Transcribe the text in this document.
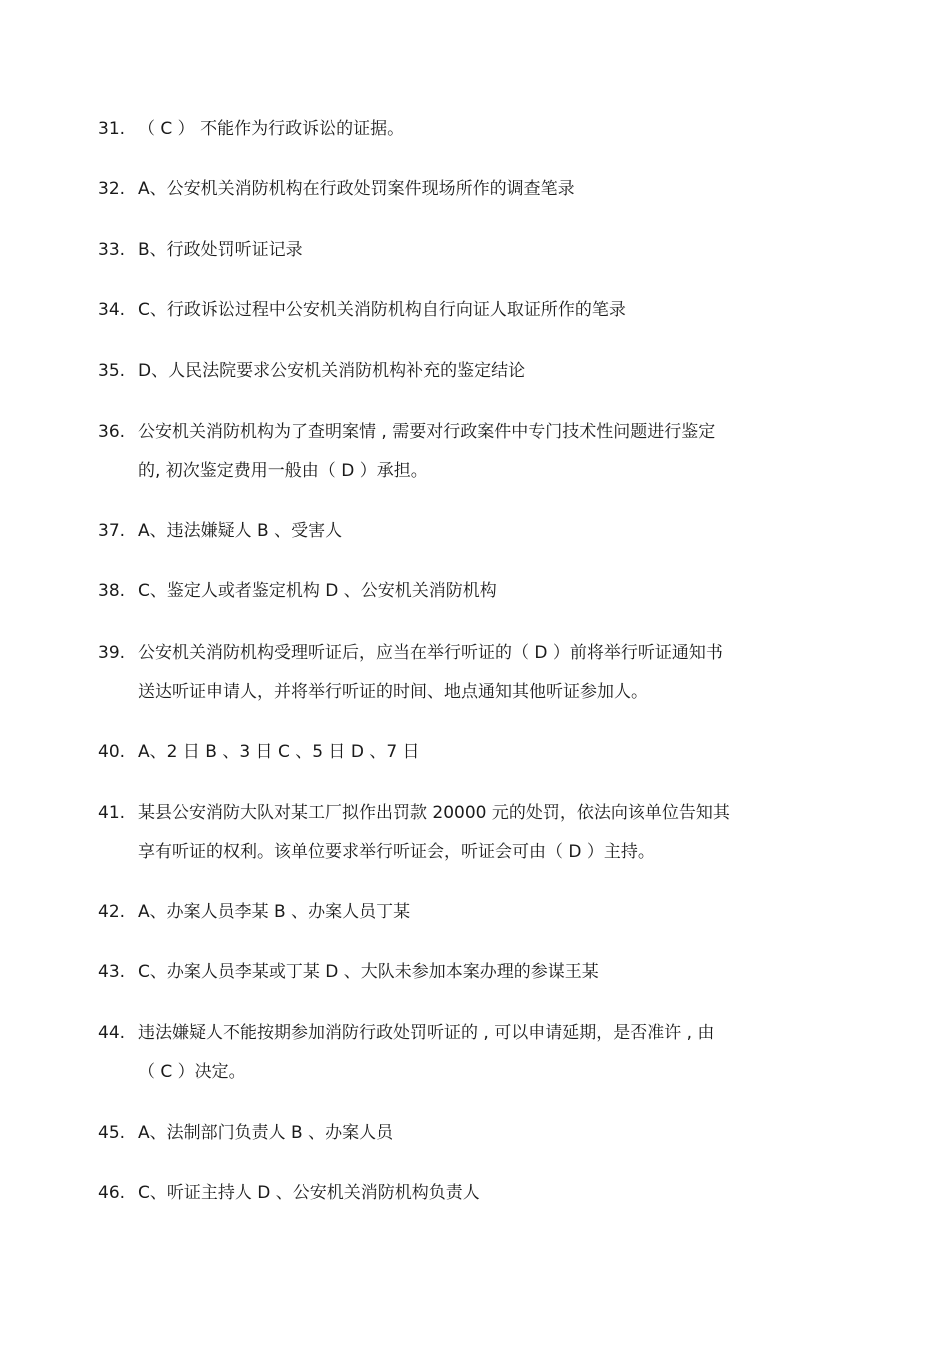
31. （ C ） 不能作为行政诉讼的证据。
32. A、公安机关消防机构在行政处罚案件现场所作的调查笔录
33. B、行政处罚听证记录
34. C、行政诉讼过程中公安机关消防机构自行向证人取证所作的笔录
35. D、人民法院要求公安机关消防机构补充的鉴定结论
36. 公安机关消防机构为了查明案情 , 需要对行政案件中专门技术性问题进行鉴定
的, 初次鉴定费用一般由（ D ）承担。
37. A、违法嫌疑人 B 、受害人
38. C、鉴定人或者鉴定机构 D 、公安机关消防机构
39. 公安机关消防机构受理听证后，应当在举行听证的（ D ）前将举行听证通知书
送达听证申请人，并将举行听证的时间、地点通知其他听证参加人。
40. A、2 日 B 、3 日 C 、5 日 D 、7 日
41. 某县公安消防大队对某工厂拟作出罚款 20000 元的处罚，依法向该单位告知其
享有听证的权利。该单位要求举行听证会，听证会可由（ D ）主持。
42. A、办案人员李某 B 、办案人员丁某
43. C、办案人员李某或丁某 D 、大队未参加本案办理的参谋王某
44. 违法嫌疑人不能按期参加消防行政处罚听证的 , 可以申请延期，是否准许 , 由
（ C ）决定。
45. A、法制部门负责人 B 、办案人员
46. C、听证主持人 D 、公安机关消防机构负责人
